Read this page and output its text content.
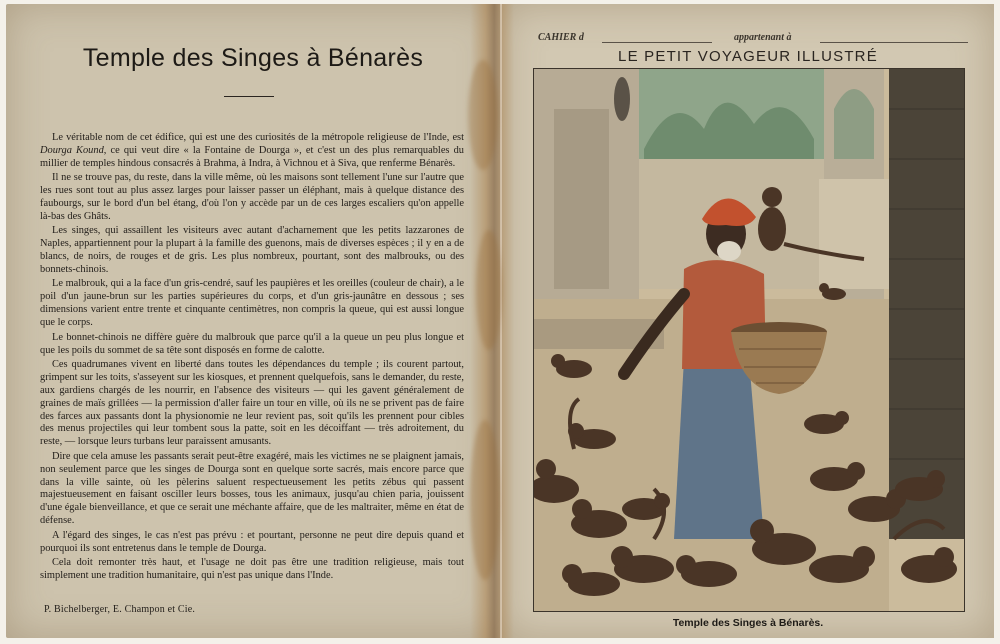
Temple des Singes à Bénarès

Le véritable nom de cet édifice, qui est une des curiosités de la métropole religieuse de l'Inde, est Dourga Kound, ce qui veut dire « la Fontaine de Dourga », et c'est un des plus remarquables du millier de temples hindous consacrés à Brahma, à Indra, à Vichnou et à Siva, que renferme Bénarès.

Il ne se trouve pas, du reste, dans la ville même, où les maisons sont tellement l'une sur l'autre que les rues sont tout au plus assez larges pour laisser passer un éléphant, mais à quelque distance des faubourgs, sur le bord d'un bel étang, d'où l'on y accède par un de ces larges escaliers qu'on appelle là-bas des Ghâts.

Les singes, qui assaillent les visiteurs avec autant d'acharnement que les petits lazzarones de Naples, appartiennent pour la plupart à la famille des guenons, mais de diverses espèces ; il y en a de blancs, de noirs, de rouges et de gris. Les plus nombreux, pourtant, sont des malbrouks, ou des bonnets-chinois.

Le malbrouk, qui a la face d'un gris-cendré, sauf les paupières et les oreilles (couleur de chair), a le poil d'un jaune-brun sur les parties supérieures du corps, et d'un gris-jaunâtre en dessous ; ses dimensions varient entre trente et cinquante centimètres, non compris la queue, qui est aussi longue que le corps.

Le bonnet-chinois ne diffère guère du malbrouk que parce qu'il a la queue un peu plus longue et que les poils du sommet de sa tête sont disposés en forme de calotte.

Ces quadrumanes vivent en liberté dans toutes les dépendances du temple ; ils courent partout, grimpent sur les toits, s'asseyent sur les kiosques, et prennent quelquefois, sans le demander, du reste, aux gardiens chargés de les nourrir, en l'absence des visiteurs — qui les gavent généralement de graines de maïs grillées — la permission d'aller faire un tour en ville, où ils ne se privent pas de faire des farces aux passants dont la physionomie ne leur revient pas, soit qu'ils les prennent pour cibles des menus projectiles qui leur tombent sous la patte, soit en les décoiffant — très adroitement, du reste, — lorsque leurs turbans leur paraissent amusants.

Dire que cela amuse les passants serait peut-être exagéré, mais les victimes ne se plaignent jamais, non seulement parce que les singes de Dourga sont en quelque sorte sacrés, mais encore parce que dans la ville sainte, où les pèlerins saluent respectueusement les petits zébus qui passent majestueusement en faisant osciller leurs bosses, tous les animaux, jusqu'au chien paria, jouissent d'une égale bienveillance, et que ce serait une méchante affaire, que de les maltraiter, même en état de défense.

A l'égard des singes, le cas n'est pas prévu : et pourtant, personne ne peut dire depuis quand et pourquoi ils sont entretenus dans le temple de Dourga.

Cela doit remonter très haut, et l'usage ne doit pas être une tradition religieuse, mais tout simplement une tradition humanitaire, qui n'est pas unique dans l'Inde.

P. Bichelberger, E. Champon et Cie.
CAHIER d	appartenant à
LE PETIT VOYAGEUR ILLUSTRÉ
Temple des Singes à Bénarès.
